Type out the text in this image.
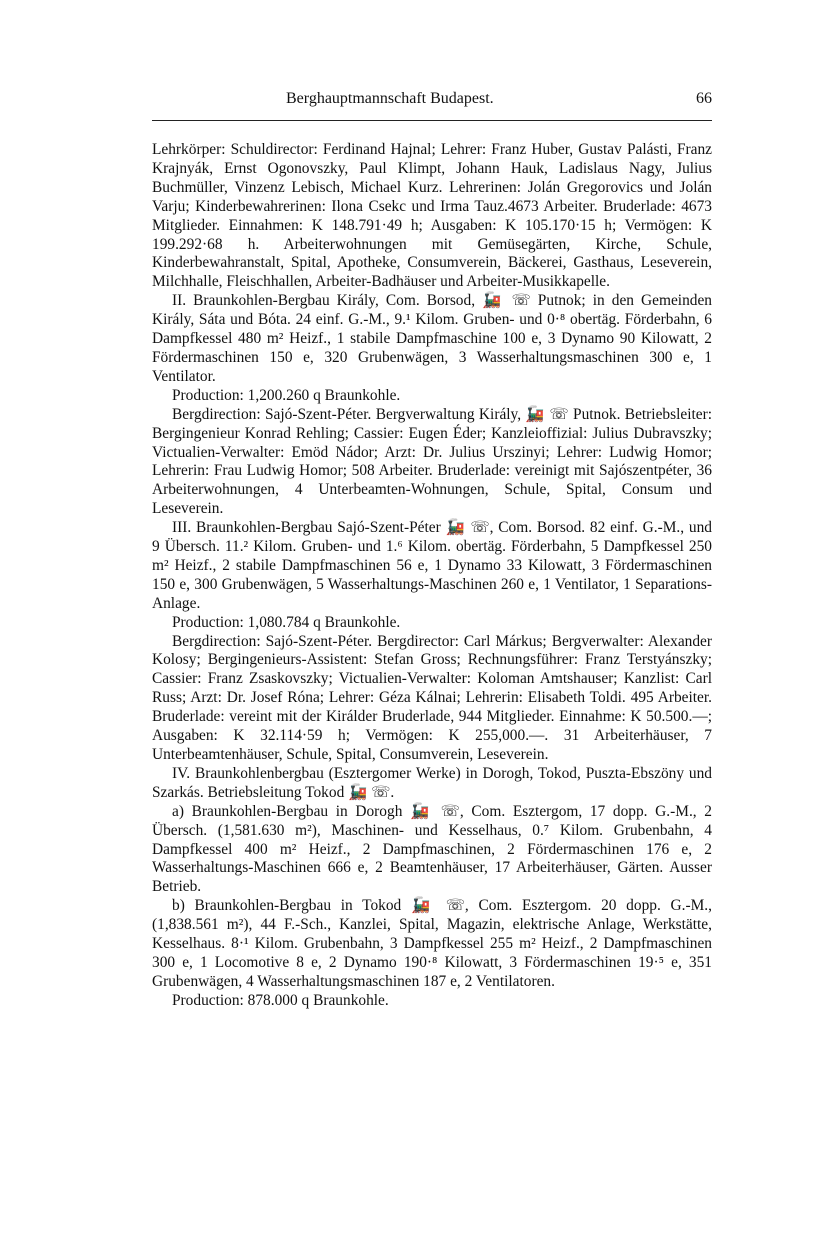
Berghauptmannschaft Budapest.	66

Lehrkörper: Schuldirector: Ferdinand Hajnal; Lehrer: Franz Huber, Gustav Palásti, Franz Krajnyák, Ernst Ogonovszky, Paul Klimpt, Johann Hauk, Ladislaus Nagy, Julius Buchmüller, Vinzenz Lebisch, Michael Kurz. Lehrerinen: Jolán Gregorovics und Jolán Varju; Kinderbewahrerinen: Ilona Csekc und Irma Tauz.4673 Arbeiter. Bruderlade: 4673 Mitglieder. Einnahmen: K 148.791·49 h; Ausgaben: K 105.170·15 h; Vermögen: K 199.292·68 h. Arbeiterwohnungen mit Gemüsegärten, Kirche, Schule, Kinderbewahranstalt, Spital, Apotheke, Consumverein, Bäckerei, Gasthaus, Leseverein, Milchhalle, Fleischhallen, Arbeiter-Badhäuser und Arbeiter-Musikkapelle.

II. Braunkohlen-Bergbau Király, Com. Borsod, 🚂 ☏ Putnok; in den Gemeinden Király, Sáta und Bóta. 24 einf. G.-M., 9.¹ Kilom. Gruben- und 0·⁸ obertäg. Förderbahn, 6 Dampfkessel 480 m² Heizf., 1 stabile Dampfmaschine 100 e, 3 Dynamo 90 Kilowatt, 2 Fördermaschinen 150 e, 320 Grubenwägen, 3 Wasserhaltungsmaschinen 300 e, 1 Ventilator.

Production: 1,200.260 q Braunkohle.

Bergdirection: Sajó-Szent-Péter. Bergverwaltung Király, 🚂 ☏ Putnok. Betriebsleiter: Bergingenieur Konrad Rehling; Cassier: Eugen Éder; Kanzleioffizial: Julius Dubravszky; Victualien-Verwalter: Emöd Nádor; Arzt: Dr. Julius Urszinyi; Lehrer: Ludwig Homor; Lehrerin: Frau Ludwig Homor; 508 Arbeiter. Bruderlade: vereinigt mit Sajószentpéter, 36 Arbeiterwohnungen, 4 Unterbeamten-Wohnungen, Schule, Spital, Consum und Leseverein.

III. Braunkohlen-Bergbau Sajó-Szent-Péter 🚂 ☏, Com. Borsod. 82 einf. G.-M., und 9 Übersch. 11.² Kilom. Gruben- und 1.⁶ Kilom. obertäg. Förderbahn, 5 Dampfkessel 250 m² Heizf., 2 stabile Dampfmaschinen 56 e, 1 Dynamo 33 Kilowatt, 3 Fördermaschinen 150 e, 300 Grubenwägen, 5 Wasserhaltungs-Maschinen 260 e, 1 Ventilator, 1 Separations-Anlage.

Production: 1,080.784 q Braunkohle.

Bergdirection: Sajó-Szent-Péter. Bergdirector: Carl Márkus; Bergverwalter: Alexander Kolosy; Bergingenieurs-Assistent: Stefan Gross; Rechnungsführer: Franz Terstyánszky; Cassier: Franz Zsaskovszky; Victualien-Verwalter: Koloman Amtshauser; Kanzlist: Carl Russ; Arzt: Dr. Josef Róna; Lehrer: Géza Kálnai; Lehrerin: Elisabeth Toldi. 495 Arbeiter. Bruderlade: vereint mit der Királder Bruderlade, 944 Mitglieder. Einnahme: K 50.500.—; Ausgaben: K 32.114·59 h; Vermögen: K 255,000.—. 31 Arbeiterhäuser, 7 Unterbeamtenhäuser, Schule, Spital, Consumverein, Leseverein.

IV. Braunkohlenbergbau (Esztergomer Werke) in Dorogh, Tokod, Puszta-Ebszöny und Szarkás. Betriebsleitung Tokod 🚂 ☏.

a) Braunkohlen-Bergbau in Dorogh 🚂 ☏, Com. Esztergom, 17 dopp. G.-M., 2 Übersch. (1,581.630 m²), Maschinen- und Kesselhaus, 0.⁷ Kilom. Grubenbahn, 4 Dampfkessel 400 m² Heizf., 2 Dampfmaschinen, 2 Fördermaschinen 176 e, 2 Wasserhaltungs-Maschinen 666 e, 2 Beamtenhäuser, 17 Arbeiterhäuser, Gärten. Ausser Betrieb.

b) Braunkohlen-Bergbau in Tokod 🚂 ☏, Com. Esztergom. 20 dopp. G.-M., (1,838.561 m²), 44 F.-Sch., Kanzlei, Spital, Magazin, elektrische Anlage, Werkstätte, Kesselhaus. 8·¹ Kilom. Grubenbahn, 3 Dampfkessel 255 m² Heizf., 2 Dampfmaschinen 300 e, 1 Locomotive 8 e, 2 Dynamo 190·⁸ Kilowatt, 3 Fördermaschinen 19·⁵ e, 351 Grubenwägen, 4 Wasserhaltungsmaschinen 187 e, 2 Ventilatoren.

Production: 878.000 q Braunkohle.
